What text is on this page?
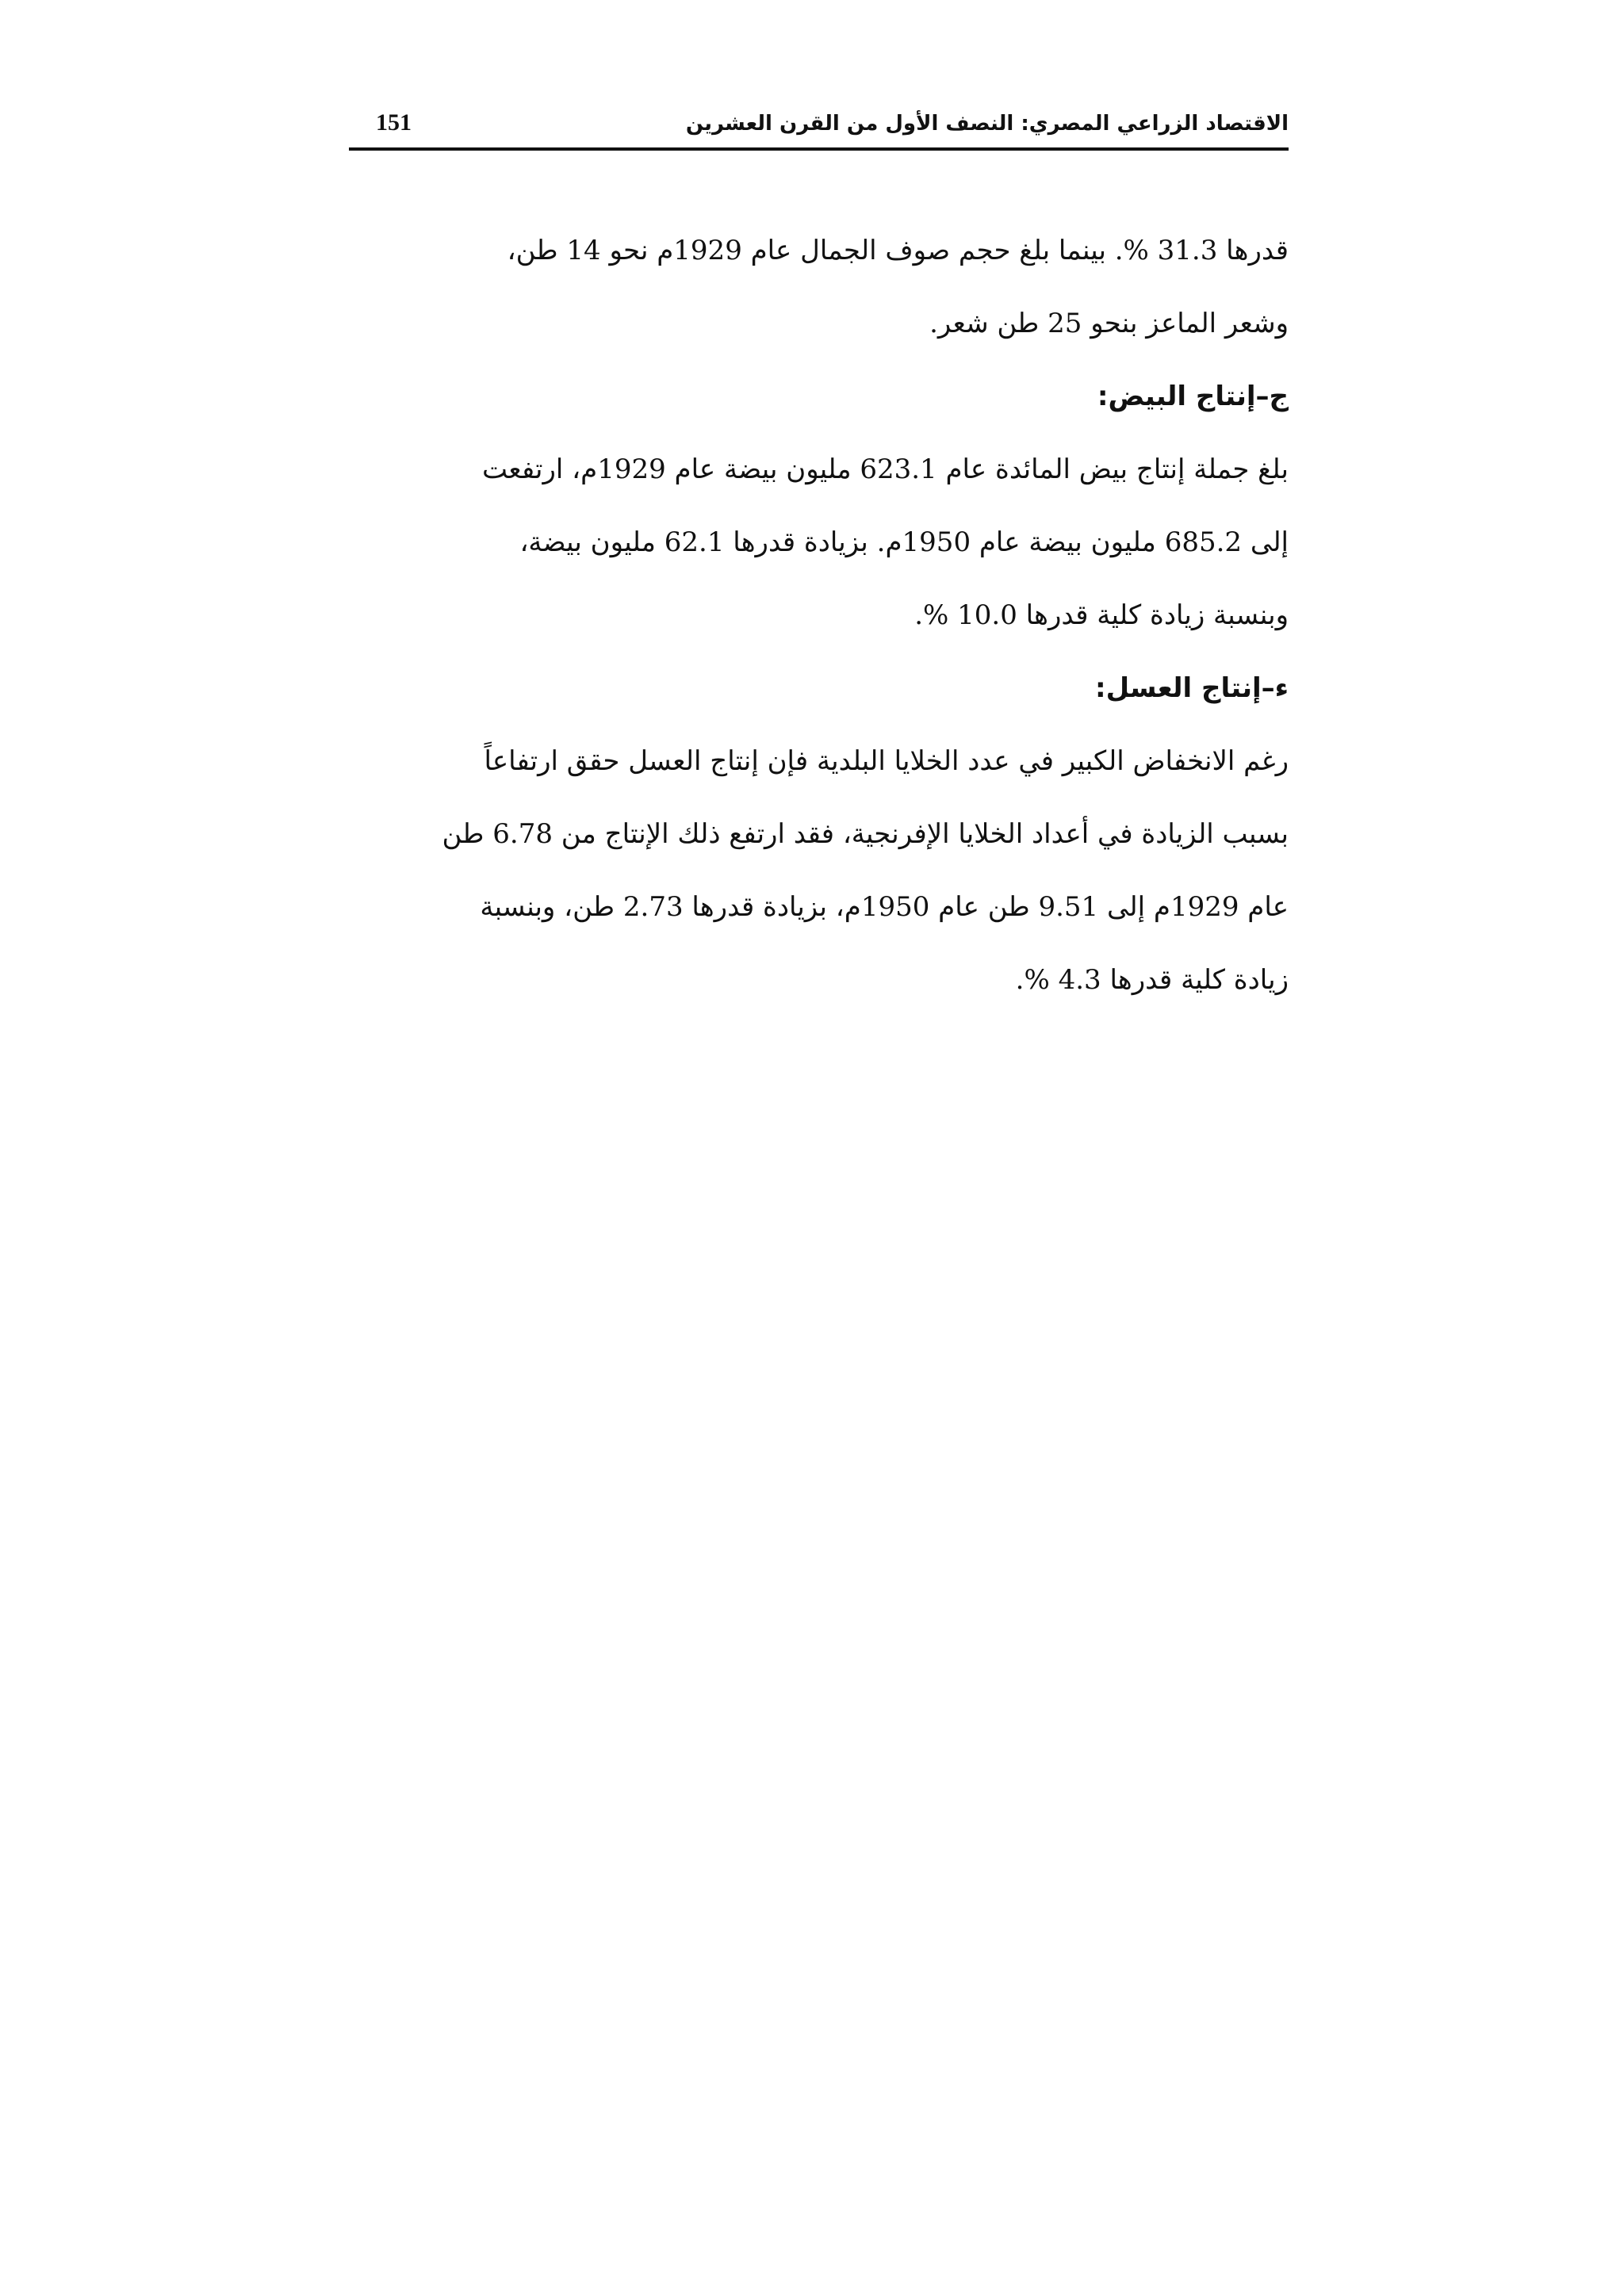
الاقتصاد الزراعي المصري: النصف الأول من القرن العشرين
151
قدرها 31.3 %. بينما بلغ حجم صوف الجمال عام 1929م نحو 14 طن،
وشعر الماعز بنحو 25 طن شعر.
ج–إنتاج البيض:
بلغ جملة إنتاج بيض المائدة عام 623.1 مليون بيضة عام 1929م، ارتفعت
إلى 685.2 مليون بيضة عام 1950م. بزيادة قدرها 62.1 مليون بيضة،
وبنسبة زيادة كلية قدرها 10.0 %.
ء–إنتاج العسل:
رغم الانخفاض الكبير في عدد الخلايا البلدية فإن إنتاج العسل حقق ارتفاعاً
بسبب الزيادة في أعداد الخلايا الإفرنجية، فقد ارتفع ذلك الإنتاج من 6.78 طن
عام 1929م إلى 9.51 طن عام 1950م، بزيادة قدرها 2.73 طن، وبنسبة
زيادة كلية قدرها 4.3 %.
